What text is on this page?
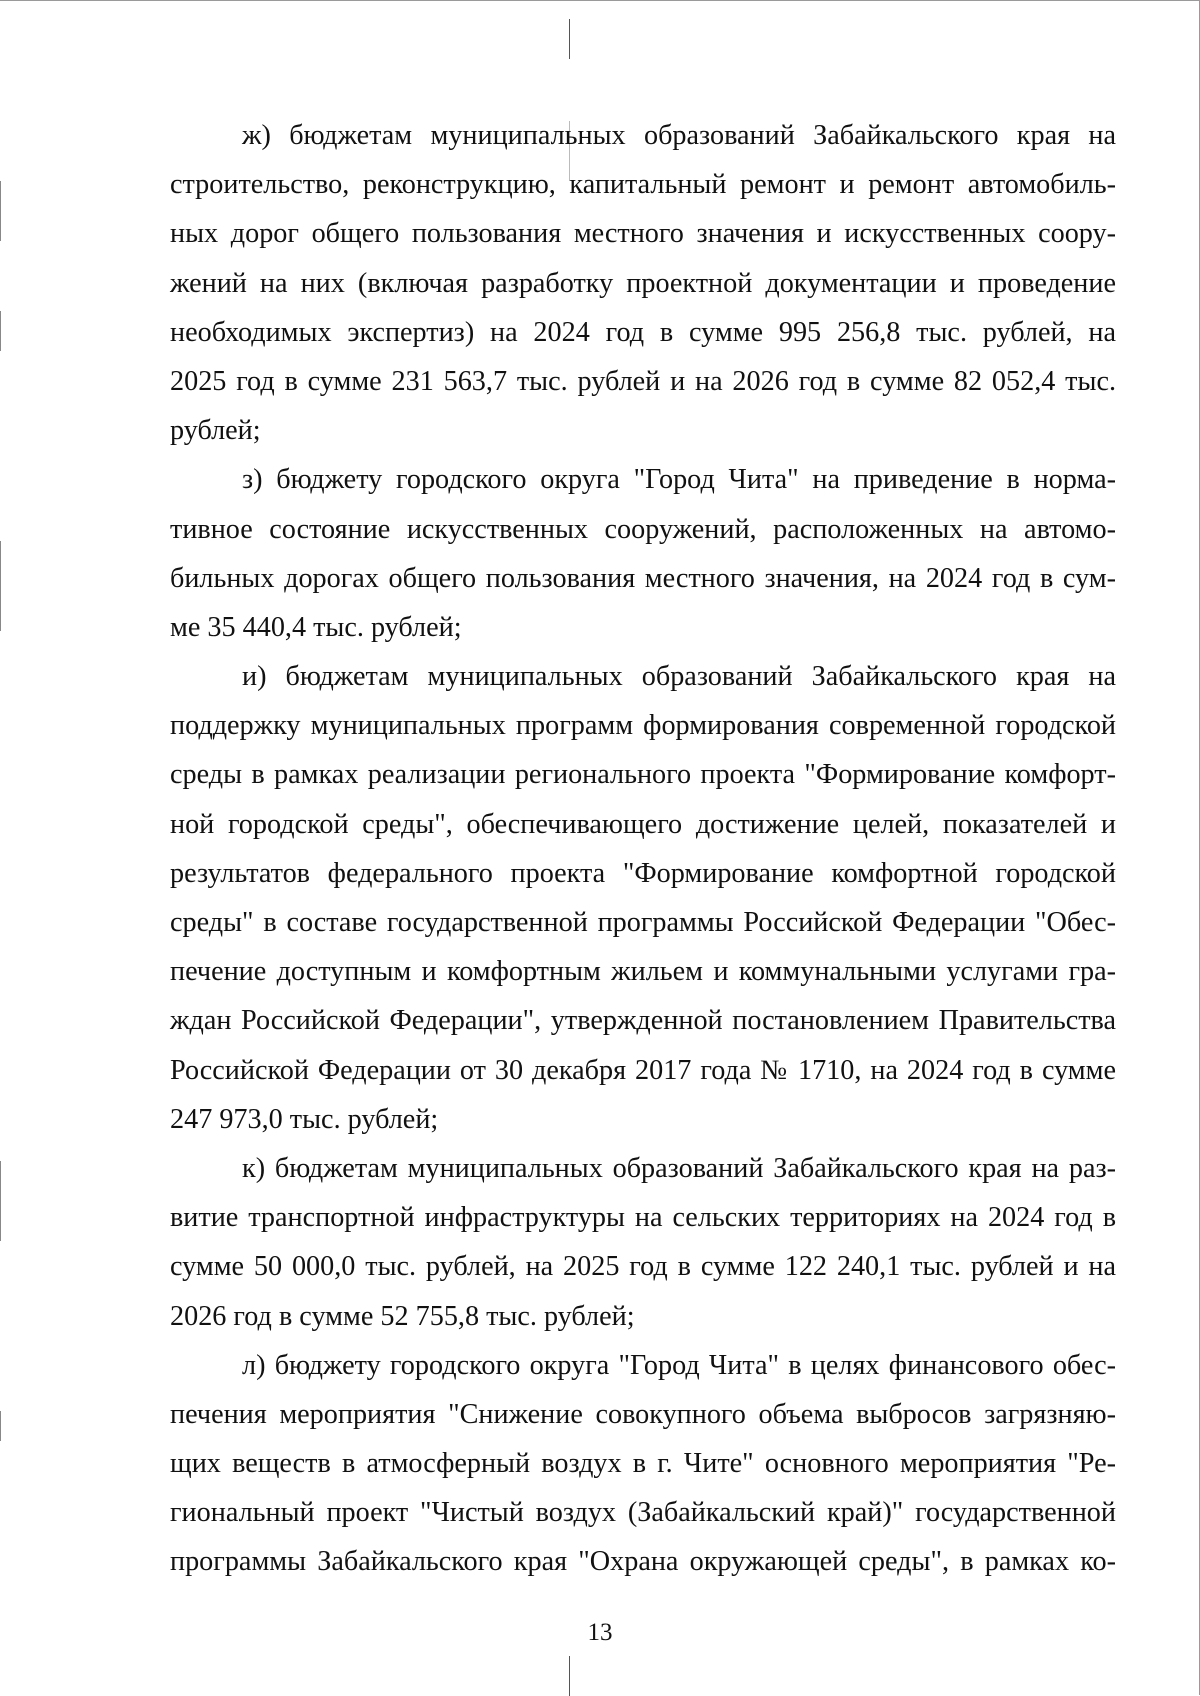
ж) бюджетам муниципальных образований Забайкальского края на
строительство, реконструкцию, капитальный ремонт и ремонт автомобиль-
ных дорог общего пользования местного значения и искусственных соору-
жений на них (включая разработку проектной документации и проведение
необходимых экспертиз) на 2024 год в сумме 995 256,8 тыс. рублей, на
2025 год в сумме 231 563,7 тыс. рублей и на 2026 год в сумме 82 052,4 тыс.
рублей;
з) бюджету городского округа "Город Чита" на приведение в норма-
тивное состояние искусственных сооружений, расположенных на автомо-
бильных дорогах общего пользования местного значения, на 2024 год в сум-
ме 35 440,4 тыс. рублей;
и) бюджетам муниципальных образований Забайкальского края на
поддержку муниципальных программ формирования современной городской
среды в рамках реализации регионального проекта "Формирование комфорт-
ной городской среды", обеспечивающего достижение целей, показателей и
результатов федерального проекта "Формирование комфортной городской
среды" в составе государственной программы Российской Федерации "Обес-
печение доступным и комфортным жильем и коммунальными услугами гра-
ждан Российской Федерации", утвержденной постановлением Правительства
Российской Федерации от 30 декабря 2017 года № 1710, на 2024 год в сумме
247 973,0 тыс. рублей;
к) бюджетам муниципальных образований Забайкальского края на раз-
витие транспортной инфраструктуры на сельских территориях на 2024 год в
сумме 50 000,0 тыс. рублей, на 2025 год в сумме 122 240,1 тыс. рублей и на
2026 год в сумме 52 755,8 тыс. рублей;
л) бюджету городского округа "Город Чита" в целях финансового обес-
печения мероприятия "Снижение совокупного объема выбросов загрязняю-
щих веществ в атмосферный воздух в г. Чите" основного мероприятия "Ре-
гиональный проект "Чистый воздух (Забайкальский край)" государственной
программы Забайкальского края "Охрана окружающей среды", в рамках ко-
13
